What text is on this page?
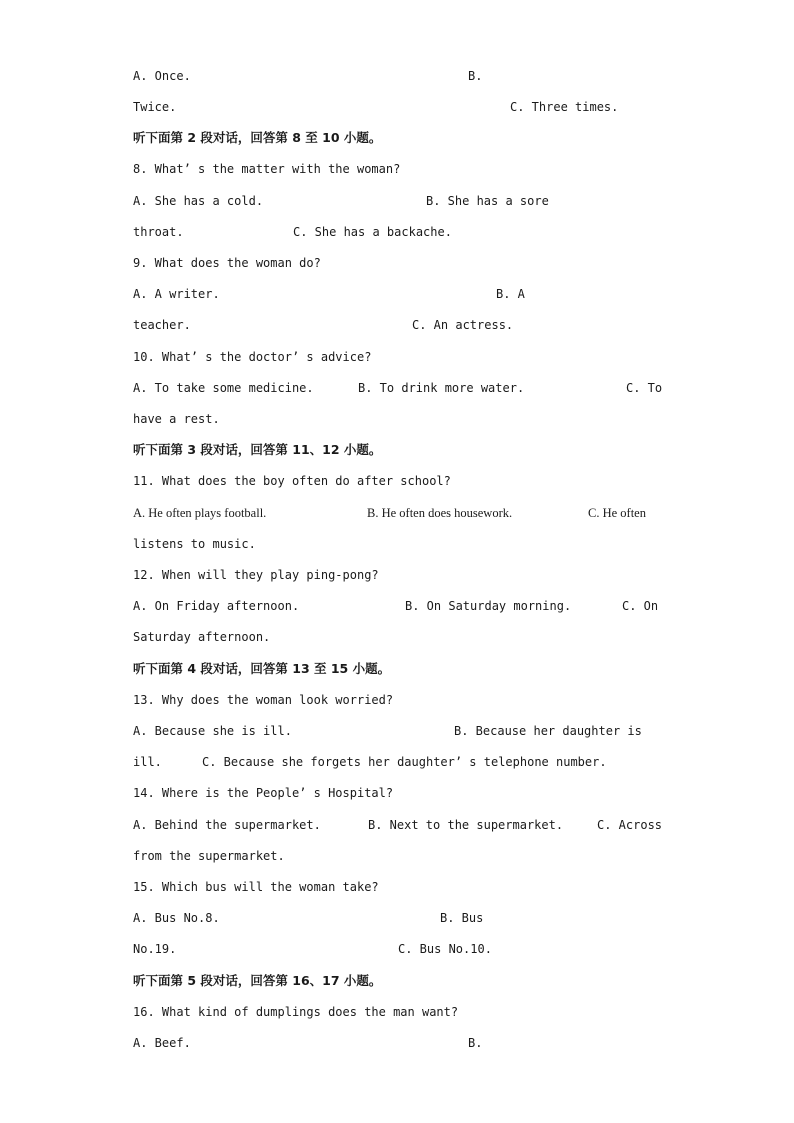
A. Once.

	B.

Twice.

	C. Three times.

听下面第 2 段对话，回答第 8 至 10 小题。

8. What’ s the matter with the woman?

A. She has a cold.

	B. She has a sore

throat.

	C. She has a backache.

9. What does the woman do?

A. A writer.

	B. A

teacher.

	C. An actress.

10. What’ s the doctor’ s advice?

A. To take some medicine.

	B. To drink more water.

	C. To

have a rest.

听下面第 3 段对话，回答第 11、12 小题。

11. What does the boy often do after school?

A. He often plays football.

	B. He often does housework.

	C. He often

listens to music.

12. When will they play ping-pong?

A. On Friday afternoon.

	B. On Saturday morning.

	C. On

Saturday afternoon.

听下面第 4 段对话，回答第 13 至 15 小题。

13. Why does the woman look worried?

A. Because she is ill.

	B. Because her daughter is

ill.

	C. Because she forgets her daughter’ s telephone number.

14. Where is the People’ s Hospital?

A. Behind the supermarket.

	B. Next to the supermarket.

	C. Across

from the supermarket.

15. Which bus will the woman take?

A. Bus No.8.

	B. Bus

No.19.

	C. Bus No.10.

听下面第 5 段对话，回答第 16、17 小题。

16. What kind of dumplings does the man want?

A. Beef.

	B.
